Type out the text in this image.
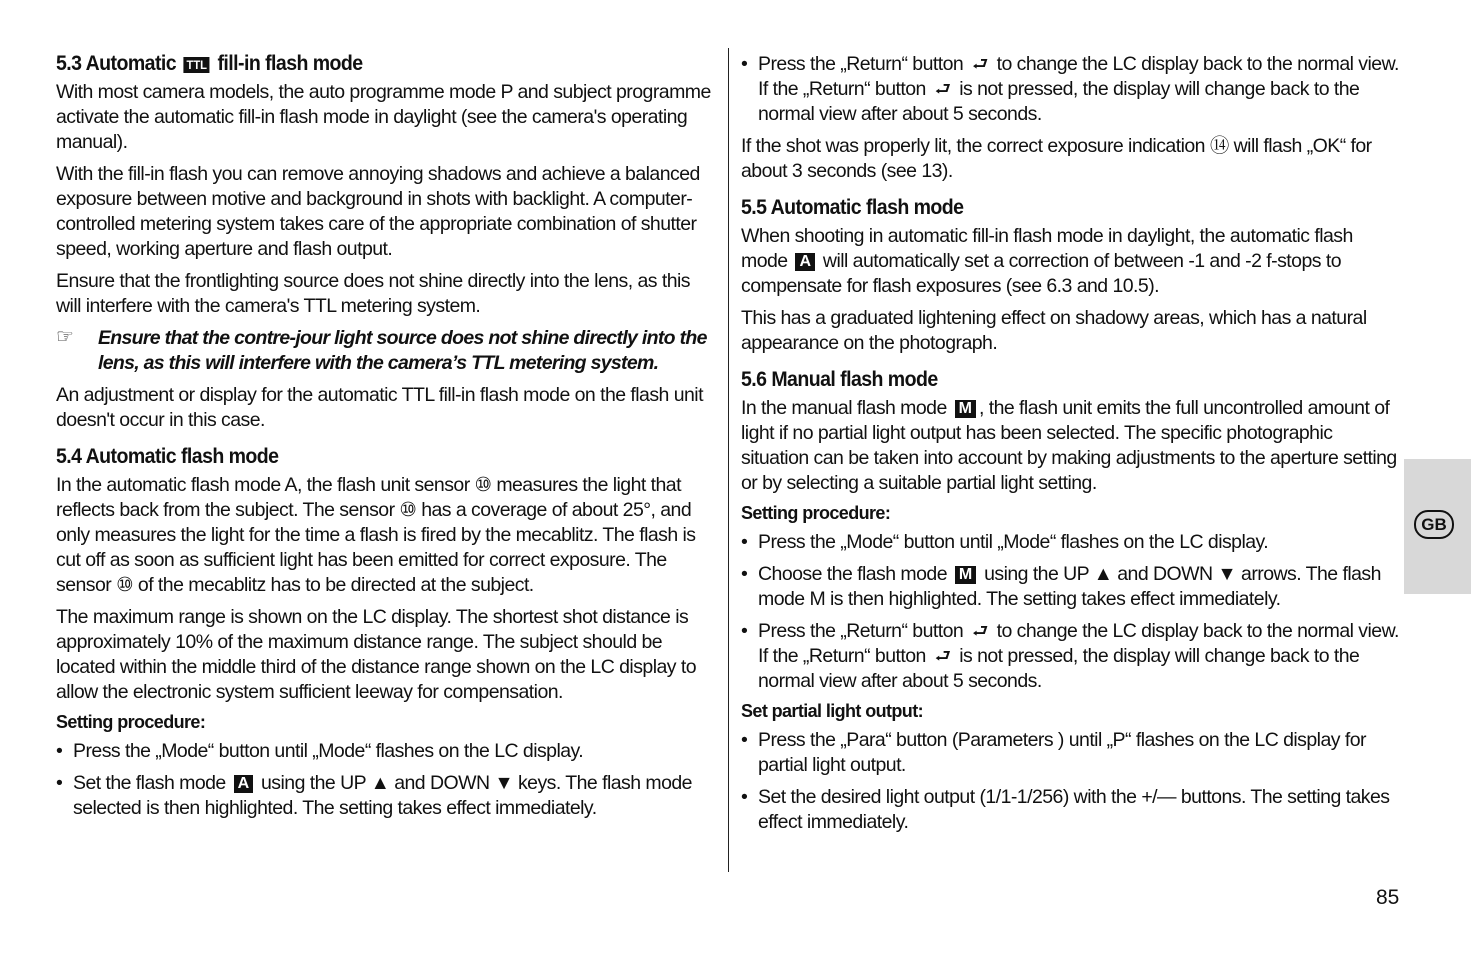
5.3 Automatic TTL fill-in flash mode

With most camera models, the auto programme mode P and subject programme activate the automatic fill-in flash mode in daylight (see the camera's operating manual).

With the fill-in flash you can remove annoying shadows and achieve a balanced exposure between motive and background in shots with backlight. A computer-controlled metering system takes care of the appropriate combination of shutter speed, working aperture and flash output.

Ensure that the frontlighting source does not shine directly into the lens, as this will interfere with the camera's TTL metering system.

☞ Ensure that the contre-jour light source does not shine directly into the lens, as this will interfere with the camera’s TTL metering system.

An adjustment or display for the automatic TTL fill-in flash mode on the flash unit doesn't occur in this case.

5.4 Automatic flash mode

In the automatic flash mode A, the flash unit sensor ⑩ measures the light that reflects back from the subject. The sensor ⑩ has a coverage of about 25°, and only measures the light for the time a flash is fired by the mecablitz. The flash is cut off as soon as sufficient light has been emitted for correct exposure. The sensor ⑩ of the mecablitz has to be directed at the subject.

The maximum range is shown on the LC display. The shortest shot distance is approximately 10% of the maximum distance range. The subject should be located within the middle third of the distance range shown on the LC display to allow the electronic system sufficient leeway for compensation.

Setting procedure:

• Press the „Mode“ button until „Mode“ flashes on the LC display.

• Set the flash mode A using the UP ▲ and DOWN ▼ keys. The flash mode selected is then highlighted. The setting takes effect immediately.

• Press the „Return“ button ⮐ to change the LC display back to the normal view. If the „Return“ button ⮐ is not pressed, the display will change back to the normal view after about 5 seconds.

If the shot was properly lit, the correct exposure indication ⑭ will flash „OK“ for about 3 seconds (see 13).

5.5 Automatic flash mode

When shooting in automatic fill-in flash mode in daylight, the automatic flash mode A will automatically set a correction of between -1 and -2 f-stops to compensate for flash exposures (see 6.3 and 10.5).

This has a graduated lightening effect on shadowy areas, which has a natural appearance on the photograph.

5.6 Manual flash mode

In the manual flash mode M , the flash unit emits the full uncontrolled amount of light if no partial light output has been selected. The specific photographic situation can be taken into account by making adjustments to the aperture setting or by selecting a suitable partial light setting.

Setting procedure:

• Press the „Mode“ button until „Mode“ flashes on the LC display.

• Choose the flash mode M using the UP ▲ and DOWN ▼ arrows. The flash mode M is then highlighted. The setting takes effect immediately.

• Press the „Return“ button ⮐ to change the LC display back to the normal view. If the „Return“ button ⮐ is not pressed, the display will change back to the normal view after about 5 seconds.

Set partial light output:

• Press the „Para“ button (Parameters ) until „P“ flashes on the LC display for partial light output.

• Set the desired light output (1/1-1/256) with the +/— buttons. The setting takes effect immediately.

GB
85
